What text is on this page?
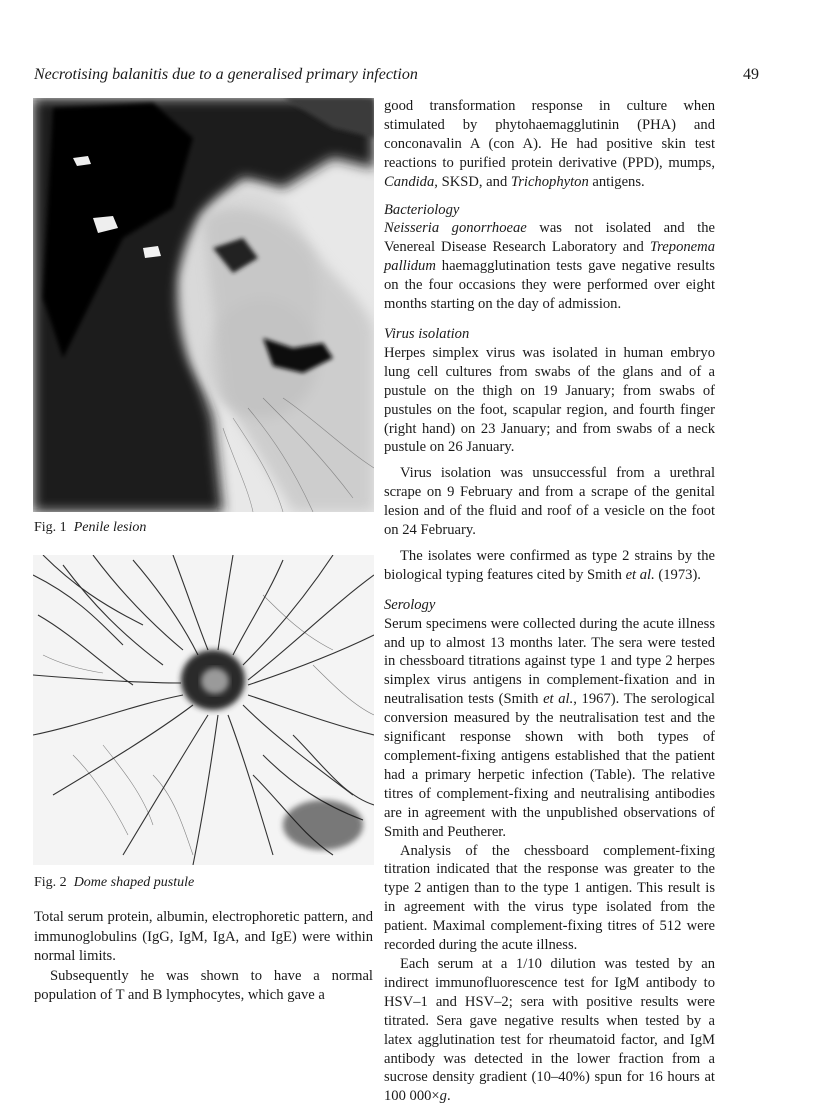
Necrotising balanitis due to a generalised primary infection	49
Fig. 1 Penile lesion
Fig. 2 Dome shaped pustule

Total serum protein, albumin, electrophoretic pattern, and immunoglobulins (IgG, IgM, IgA, and IgE) were within normal limits.

Subsequently he was shown to have a normal population of T and B lymphocytes, which gave a

good transformation response in culture when stimulated by phytohaemagglutinin (PHA) and conconavalin A (con A). He had positive skin test reactions to purified protein derivative (PPD), mumps, Candida, SKSD, and Trichophyton antigens.

Bacteriology

Neisseria gonorrhoeae was not isolated and the Venereal Disease Research Laboratory and Treponema pallidum haemagglutination tests gave negative results on the four occasions they were performed over eight months starting on the day of admission.

Virus isolation

Herpes simplex virus was isolated in human embryo lung cell cultures from swabs of the glans and of a pustule on the thigh on 19 January; from swabs of pustules on the foot, scapular region, and fourth finger (right hand) on 23 January; and from swabs of a neck pustule on 26 January.

Virus isolation was unsuccessful from a urethral scrape on 9 February and from a scrape of the genital lesion and of the fluid and roof of a vesicle on the foot on 24 February.

The isolates were confirmed as type 2 strains by the biological typing features cited by Smith et al. (1973).

Serology

Serum specimens were collected during the acute illness and up to almost 13 months later. The sera were tested in chessboard titrations against type 1 and type 2 herpes simplex virus antigens in complement-fixation and in neutralisation tests (Smith et al., 1967). The serological conversion measured by the neutralisation test and the significant response shown with both types of complement-fixing antigens established that the patient had a primary herpetic infection (Table). The relative titres of complement-fixing and neutralising antibodies are in agreement with the unpublished observations of Smith and Peutherer.

Analysis of the chessboard complement-fixing titration indicated that the response was greater to the type 2 antigen than to the type 1 antigen. This result is in agreement with the virus type isolated from the patient. Maximal complement-fixing titres of 512 were recorded during the acute illness.

Each serum at a 1/10 dilution was tested by an indirect immunofluorescence test for IgM antibody to HSV–1 and HSV–2; sera with positive results were titrated. Sera gave negative results when tested by a latex agglutination test for rheumatoid factor, and IgM antibody was detected in the lower fraction from a sucrose density gradient (10–40%) spun for 16 hours at 100 000×g.
